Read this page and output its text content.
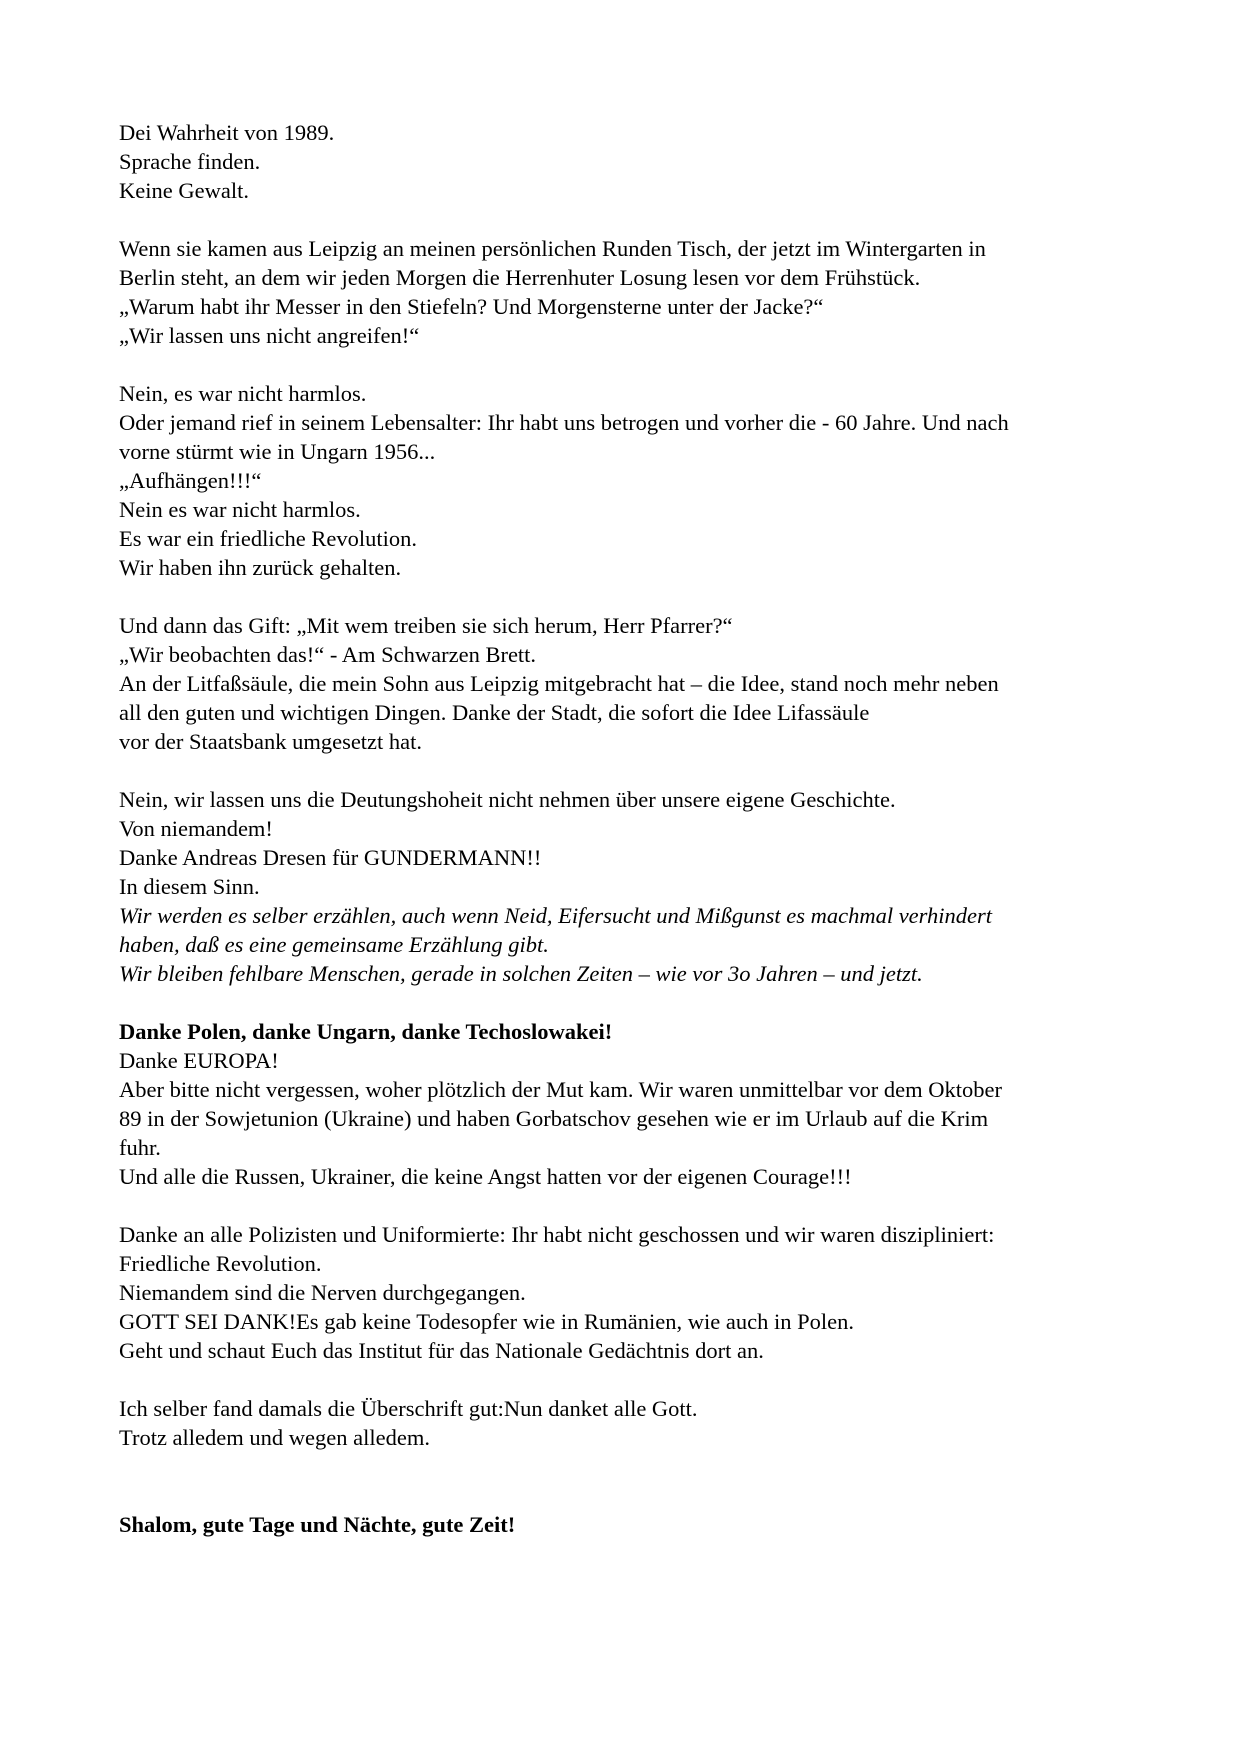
Dei Wahrheit von 1989.
Sprache finden.
Keine Gewalt.
Wenn sie kamen aus Leipzig an meinen persönlichen Runden Tisch, der jetzt im Wintergarten in
Berlin steht, an dem wir jeden Morgen die Herrenhuter Losung lesen vor dem Frühstück.
„Warum habt ihr Messer in den Stiefeln? Und Morgensterne unter der Jacke?“
„Wir lassen uns nicht angreifen!“
Nein, es war nicht harmlos.
Oder jemand rief in seinem Lebensalter: Ihr habt uns betrogen und vorher die - 60 Jahre. Und nach
vorne stürmt wie in Ungarn 1956...
„Aufhängen!!!“
Nein es war nicht harmlos.
Es war ein friedliche Revolution.
Wir haben ihn zurück gehalten.
Und dann das Gift: „Mit wem treiben sie sich herum, Herr Pfarrer?“
„Wir beobachten das!“ - Am Schwarzen Brett.
An der Litfaßsäule, die mein Sohn aus Leipzig mitgebracht hat – die Idee, stand noch mehr neben
all den guten und wichtigen Dingen. Danke der Stadt, die sofort die Idee Lifassäule
vor der Staatsbank umgesetzt hat.
Nein, wir lassen uns die Deutungshoheit nicht nehmen über unsere eigene Geschichte.
Von niemandem!
Danke Andreas Dresen für GUNDERMANN!!
In diesem Sinn.
Wir werden es selber erzählen, auch wenn Neid, Eifersucht und Mißgunst es machmal verhindert
haben, daß es eine gemeinsame Erzählung gibt.
Wir bleiben fehlbare Menschen, gerade in solchen Zeiten – wie vor 3o Jahren – und jetzt.
Danke Polen, danke Ungarn, danke Techoslowakei!
Danke EUROPA!
Aber bitte nicht vergessen, woher plötzlich der Mut kam. Wir waren unmittelbar vor dem Oktober
89 in der Sowjetunion (Ukraine) und haben Gorbatschov gesehen wie er im Urlaub auf die Krim
fuhr.
Und alle die Russen, Ukrainer, die keine Angst hatten vor der eigenen Courage!!!
Danke an alle Polizisten und Uniformierte: Ihr habt nicht geschossen und wir waren diszipliniert:
Friedliche Revolution.
Niemandem sind die Nerven durchgegangen.
GOTT SEI DANK!Es gab keine Todesopfer wie in Rumänien, wie auch in Polen.
Geht und schaut Euch das Institut für das Nationale Gedächtnis dort an.
Ich selber fand damals die Überschrift gut:Nun danket alle Gott.
Trotz alledem und wegen alledem.
Shalom, gute Tage und Nächte, gute Zeit!
